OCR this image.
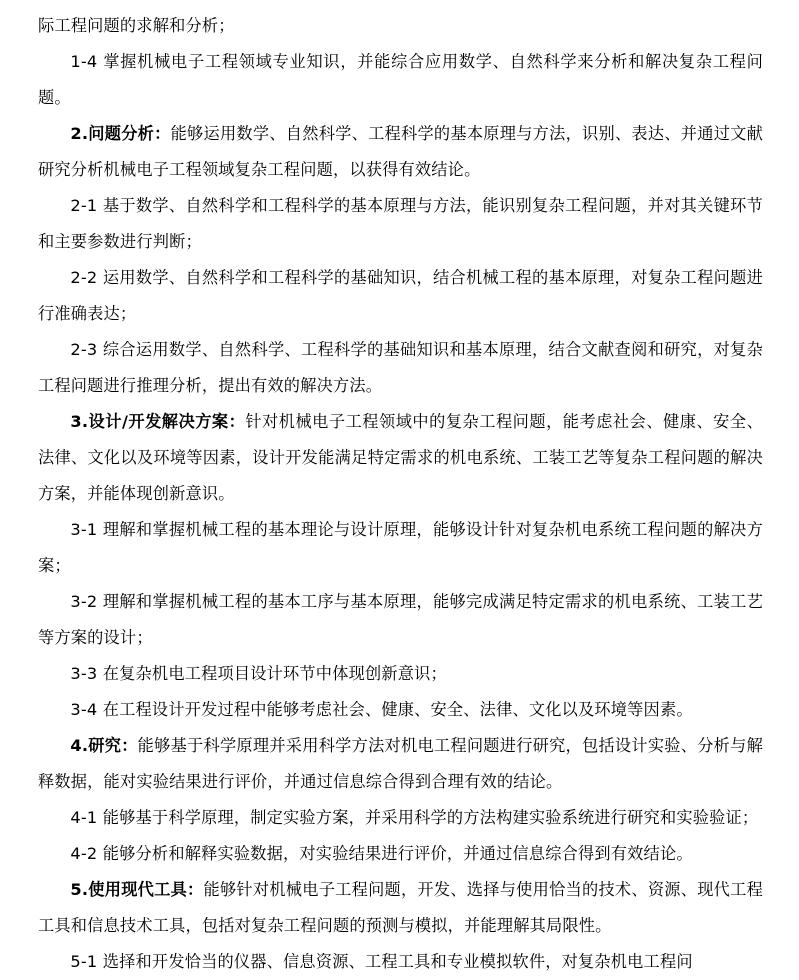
际工程问题的求解和分析；

1-4 掌握机械电子工程领域专业知识，并能综合应用数学、自然科学来分析和解决复杂工程问题。

2.问题分析：能够运用数学、自然科学、工程科学的基本原理与方法，识别、表达、并通过文献研究分析机械电子工程领域复杂工程问题，以获得有效结论。

2-1 基于数学、自然科学和工程科学的基本原理与方法，能识别复杂工程问题，并对其关键环节和主要参数进行判断；

2-2 运用数学、自然科学和工程科学的基础知识，结合机械工程的基本原理，对复杂工程问题进行准确表达；

2-3 综合运用数学、自然科学、工程科学的基础知识和基本原理，结合文献查阅和研究，对复杂工程问题进行推理分析，提出有效的解决方法。

3.设计/开发解决方案：针对机械电子工程领域中的复杂工程问题，能考虑社会、健康、安全、法律、文化以及环境等因素，设计开发能满足特定需求的机电系统、工装工艺等复杂工程问题的解决方案，并能体现创新意识。

3-1 理解和掌握机械工程的基本理论与设计原理，能够设计针对复杂机电系统工程问题的解决方案；

3-2 理解和掌握机械工程的基本工序与基本原理，能够完成满足特定需求的机电系统、工装工艺等方案的设计；

3-3 在复杂机电工程项目设计环节中体现创新意识；

3-4 在工程设计开发过程中能够考虑社会、健康、安全、法律、文化以及环境等因素。

4.研究：能够基于科学原理并采用科学方法对机电工程问题进行研究，包括设计实验、分析与解释数据，能对实验结果进行评价，并通过信息综合得到合理有效的结论。

4-1 能够基于科学原理，制定实验方案，并采用科学的方法构建实验系统进行研究和实验验证；

4-2 能够分析和解释实验数据，对实验结果进行评价，并通过信息综合得到有效结论。

5.使用现代工具：能够针对机械电子工程问题，开发、选择与使用恰当的技术、资源、现代工程工具和信息技术工具，包括对复杂工程问题的预测与模拟，并能理解其局限性。

5-1 选择和开发恰当的仪器、信息资源、工程工具和专业模拟软件，对复杂机电工程问
